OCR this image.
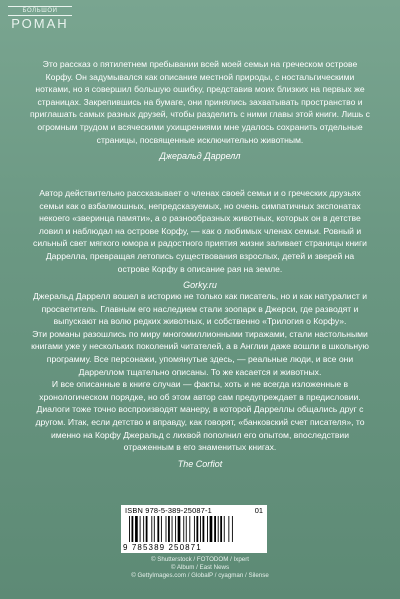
БОЛЬШОЙ
РОМАН

Это рассказ о пятилетнем пребывании всей моей семьи на греческом острове Корфу. Он задумывался как описание местной природы, с ностальгическими нотками, но я совершил большую ошибку, представив моих близких на первых же страницах. Закрепившись на бумаге, они принялись захватывать пространство и приглашать самых разных друзей, чтобы разделить с ними главы этой книги. Лишь с огромным трудом и всяческими ухищрениями мне удалось сохранить отдельные страницы, посвященные исключительно животным.

Джеральд Даррелл

Автор действительно рассказывает о членах своей семьи и о греческих друзьях семьи как о взбалмошных, непредсказуемых, но очень симпатичных экспонатах некоего «зверинца памяти», а о разнообразных животных, которых он в детстве ловил и наблюдал на острове Корфу, — как о любимых членах семьи. Ровный и сильный свет мягкого юмора и радостного приятия жизни заливает страницы книги Даррелла, превращая летопись существования взрослых, детей и зверей на острове Корфу в описание рая на земле.

Gorky.ru

Джеральд Даррелл вошел в историю не только как писатель, но и как натуралист и просветитель. Главным его наследием стали зоопарк в Джерси, где разводят и выпускают на волю редких животных, и собственно «Трилогия о Корфу».

Эти романы разошлись по миру многомиллионными тиражами, стали настольными книгами уже у нескольких поколений читателей, а в Англии даже вошли в школьную программу. Все персонажи, упомянутые здесь, — реальные люди, и все они Дарреллом тщательно описаны. То же касается и животных.

И все описанные в книге случаи — факты, хоть и не всегда изложенные в хронологическом порядке, но об этом автор сам предупреждает в предисловии. Диалоги тоже точно воспроизводят манеру, в которой Дарреллы общались друг с другом. Итак, если детство и вправду, как говорят, «банковский счет писателя», то именно на Корфу Джеральд с лихвой пополнил его опытом, впоследствии отраженным в его знаменитых книгах.

The Corfiot
ISBN 978-5-389-25087-1	01
9 785389 250871
© Shutterstock / FOTODOM / Ixpert
© Album / East News
© GettyImages.com / GlobalP / cyagman / Silense
